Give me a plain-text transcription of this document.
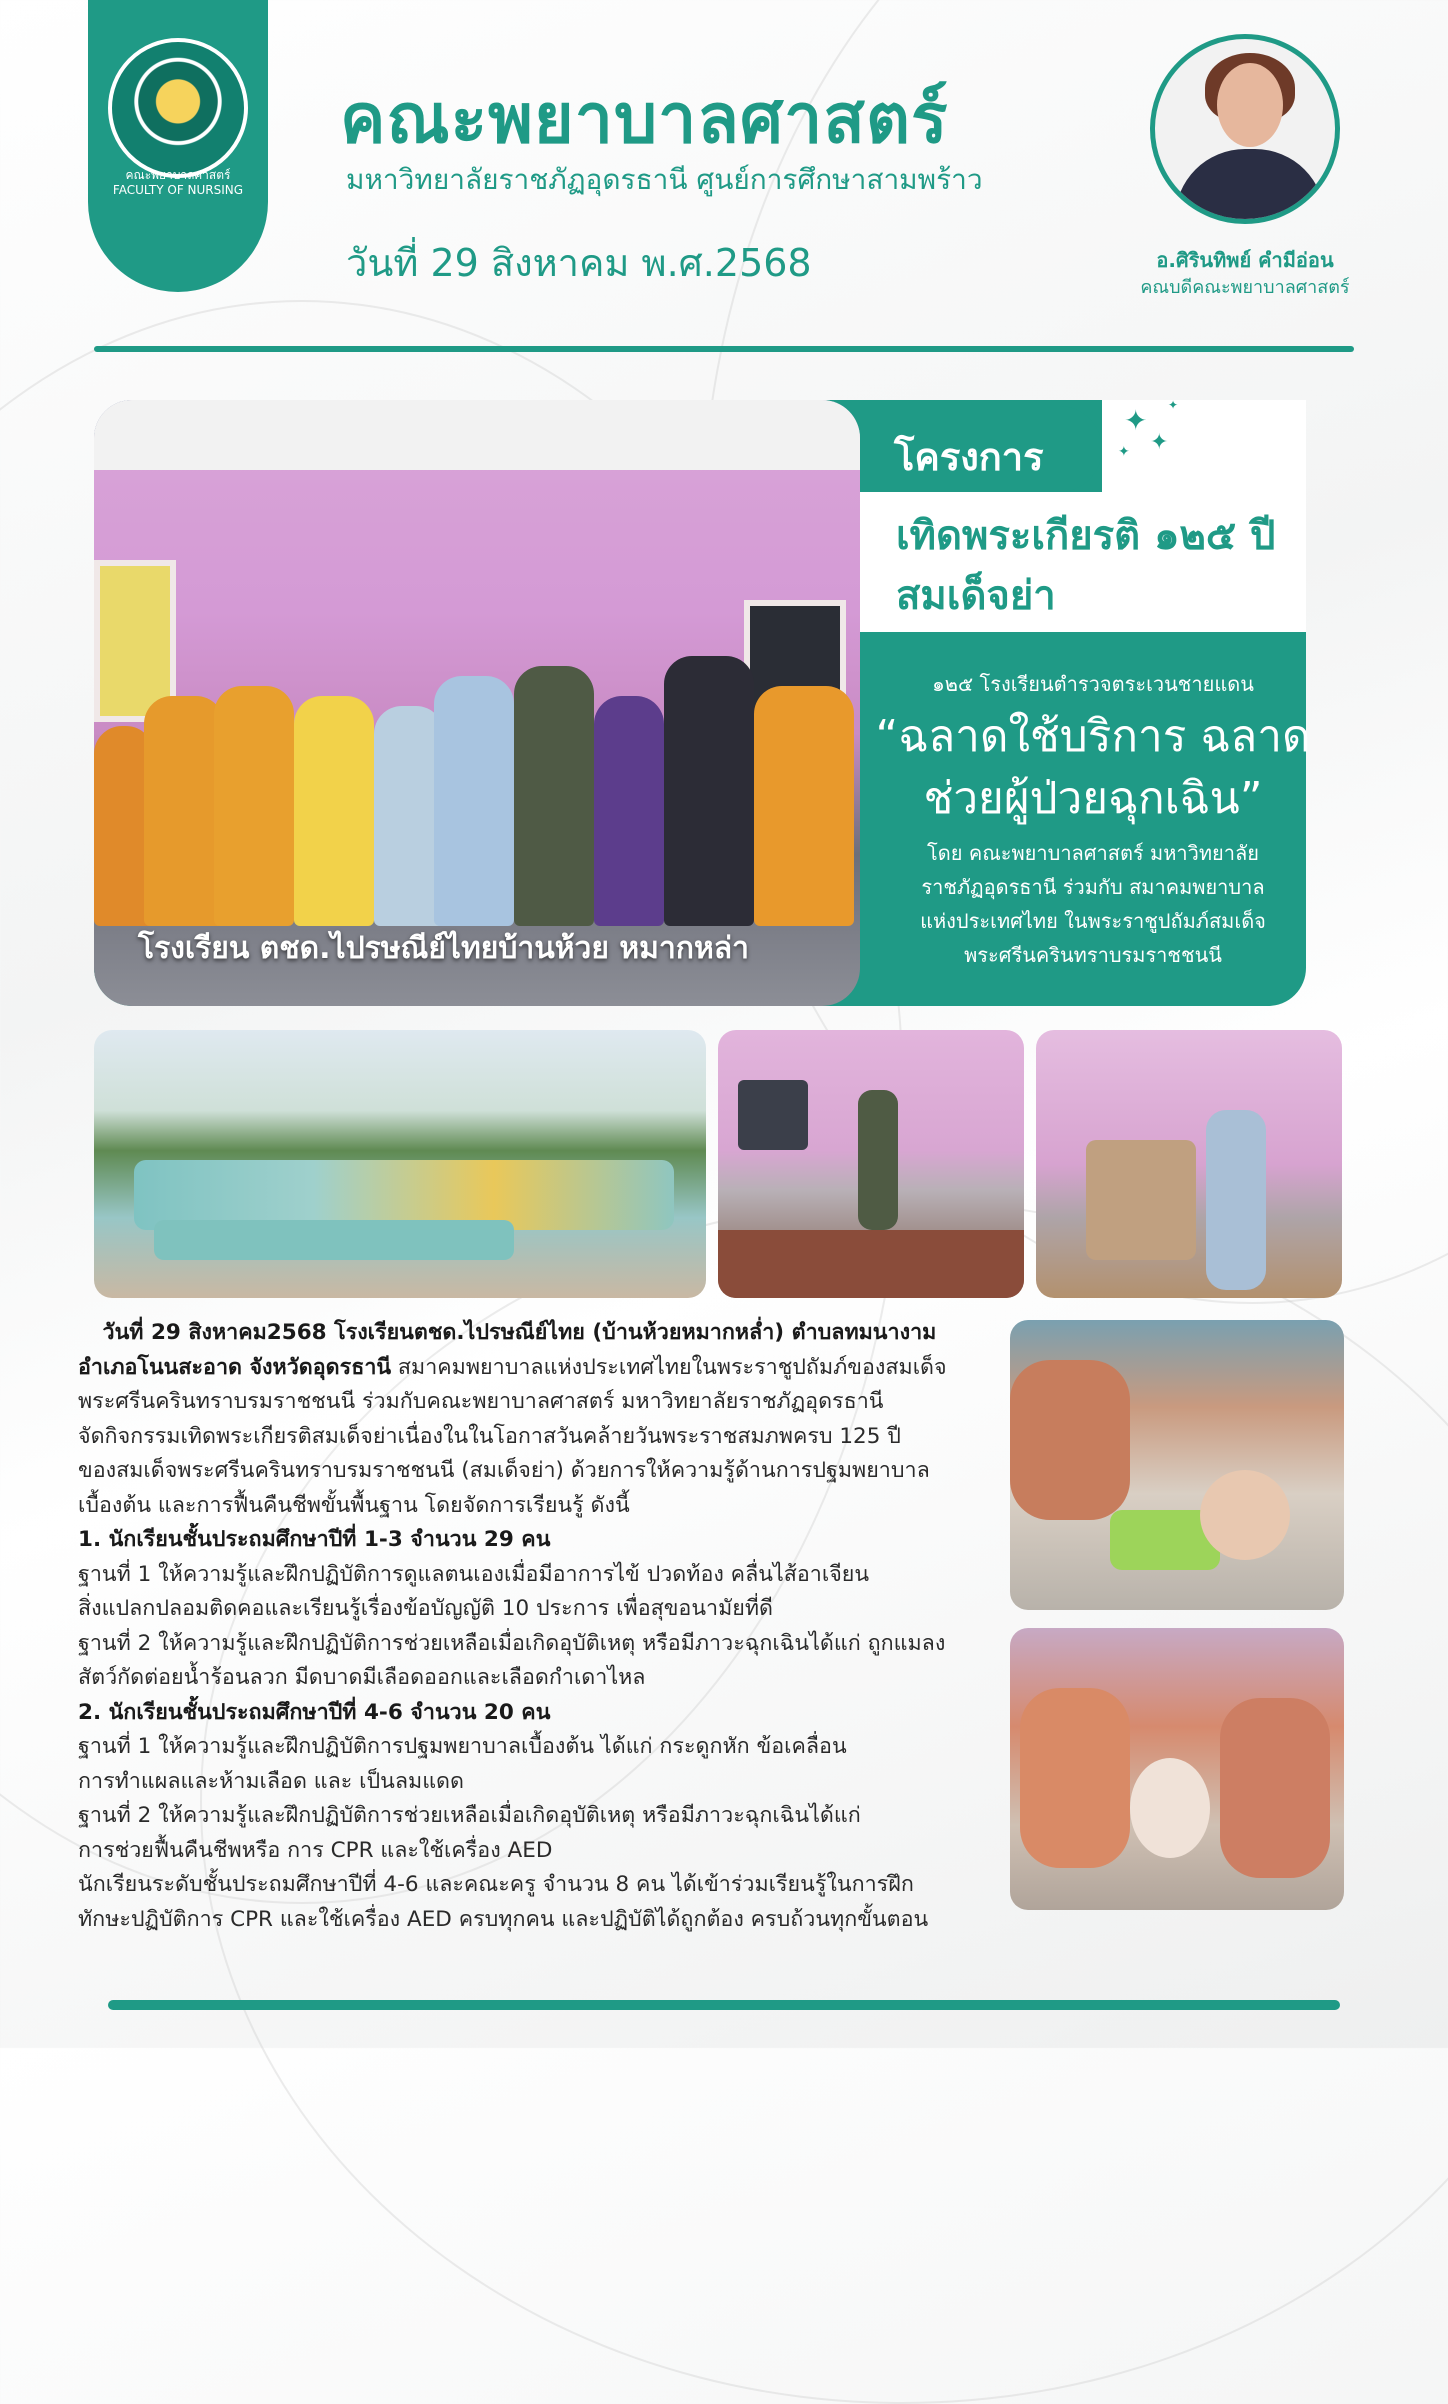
คณะพยาบาลศาสตร์
FACULTY OF NURSING
คณะพยาบาลศาสตร์
มหาวิทยาลัยราชภัฏอุดรธานี ศูนย์การศึกษาสามพร้าว
วันที่ 29 สิงหาคม พ.ศ.2568	อ.ศิรินทิพย์ คำมีอ่อน
คณบดีคณะพยาบาลศาสตร์
โครงการ
✦
✦
✦
✦
เทิดพระเกียรติ ๑๒๕ ปี
สมเด็จย่า
โรงเรียน ตชด.ไปรษณีย์ไทยบ้านห้วย หมากหล่า
๑๒๕ โรงเรียนตำรวจตระเวนชายแดน
“ฉลาดใช้บริการ ฉลาด
ช่วยผู้ป่วยฉุกเฉิน”
โดย คณะพยาบาลศาสตร์ มหาวิทยาลัย
ราชภัฏอุดรธานี ร่วมกับ สมาคมพยาบาล
แห่งประเทศไทย ในพระราชูปถัมภ์สมเด็จ
พระศรีนครินทราบรมราชชนนี

วันที่ 29 สิงหาคม2568 โรงเรียนตชด.ไปรษณีย์ไทย (บ้านห้วยหมากหล่ำ) ตำบลทมนางาม

อำเภอโนนสะอาด จังหวัดอุดรธานี สมาคมพยาบาลแห่งประเทศไทยในพระราชูปถัมภ์ของสมเด็จ

พระศรีนครินทราบรมราชชนนี ร่วมกับคณะพยาบาลศาสตร์ มหาวิทยาลัยราชภัฏอุดรธานี

จัดกิจกรรมเทิดพระเกียรติสมเด็จย่าเนื่องในในโอกาสวันคล้ายวันพระราชสมภพครบ 125 ปี

ของสมเด็จพระศรีนครินทราบรมราชชนนี (สมเด็จย่า) ด้วยการให้ความรู้ด้านการปฐมพยาบาล

เบื้องต้น และการฟื้นคืนชีพขั้นพื้นฐาน โดยจัดการเรียนรู้ ดังนี้

1. นักเรียนชั้นประถมศึกษาปีที่ 1-3 จำนวน 29 คน

ฐานที่ 1 ให้ความรู้และฝึกปฏิบัติการดูแลตนเองเมื่อมีอาการไข้ ปวดท้อง คลื่นไส้อาเจียน

สิ่งแปลกปลอมติดคอและเรียนรู้เรื่องข้อบัญญัติ 10 ประการ เพื่อสุขอนามัยที่ดี

ฐานที่ 2 ให้ความรู้และฝึกปฏิบัติการช่วยเหลือเมื่อเกิดอุบัติเหตุ หรือมีภาวะฉุกเฉินได้แก่ ถูกแมลง

สัตว์กัดต่อยน้ำร้อนลวก มีดบาดมีเลือดออกและเลือดกำเดาไหล

2. นักเรียนชั้นประถมศึกษาปีที่ 4-6 จำนวน 20 คน

ฐานที่ 1 ให้ความรู้และฝึกปฏิบัติการปฐมพยาบาลเบื้องต้น ได้แก่ กระดูกหัก ข้อเคลื่อน

การทำแผลและห้ามเลือด และ เป็นลมแดด

ฐานที่ 2 ให้ความรู้และฝึกปฏิบัติการช่วยเหลือเมื่อเกิดอุบัติเหตุ หรือมีภาวะฉุกเฉินได้แก่

การช่วยฟื้นคืนชีพหรือ การ CPR และใช้เครื่อง AED

นักเรียนระดับชั้นประถมศึกษาปีที่ 4-6 และคณะครู จำนวน 8 คน ได้เข้าร่วมเรียนรู้ในการฝึก

ทักษะปฏิบัติการ CPR และใช้เครื่อง AED ครบทุกคน และปฏิบัติได้ถูกต้อง ครบถ้วนทุกขั้นตอน
